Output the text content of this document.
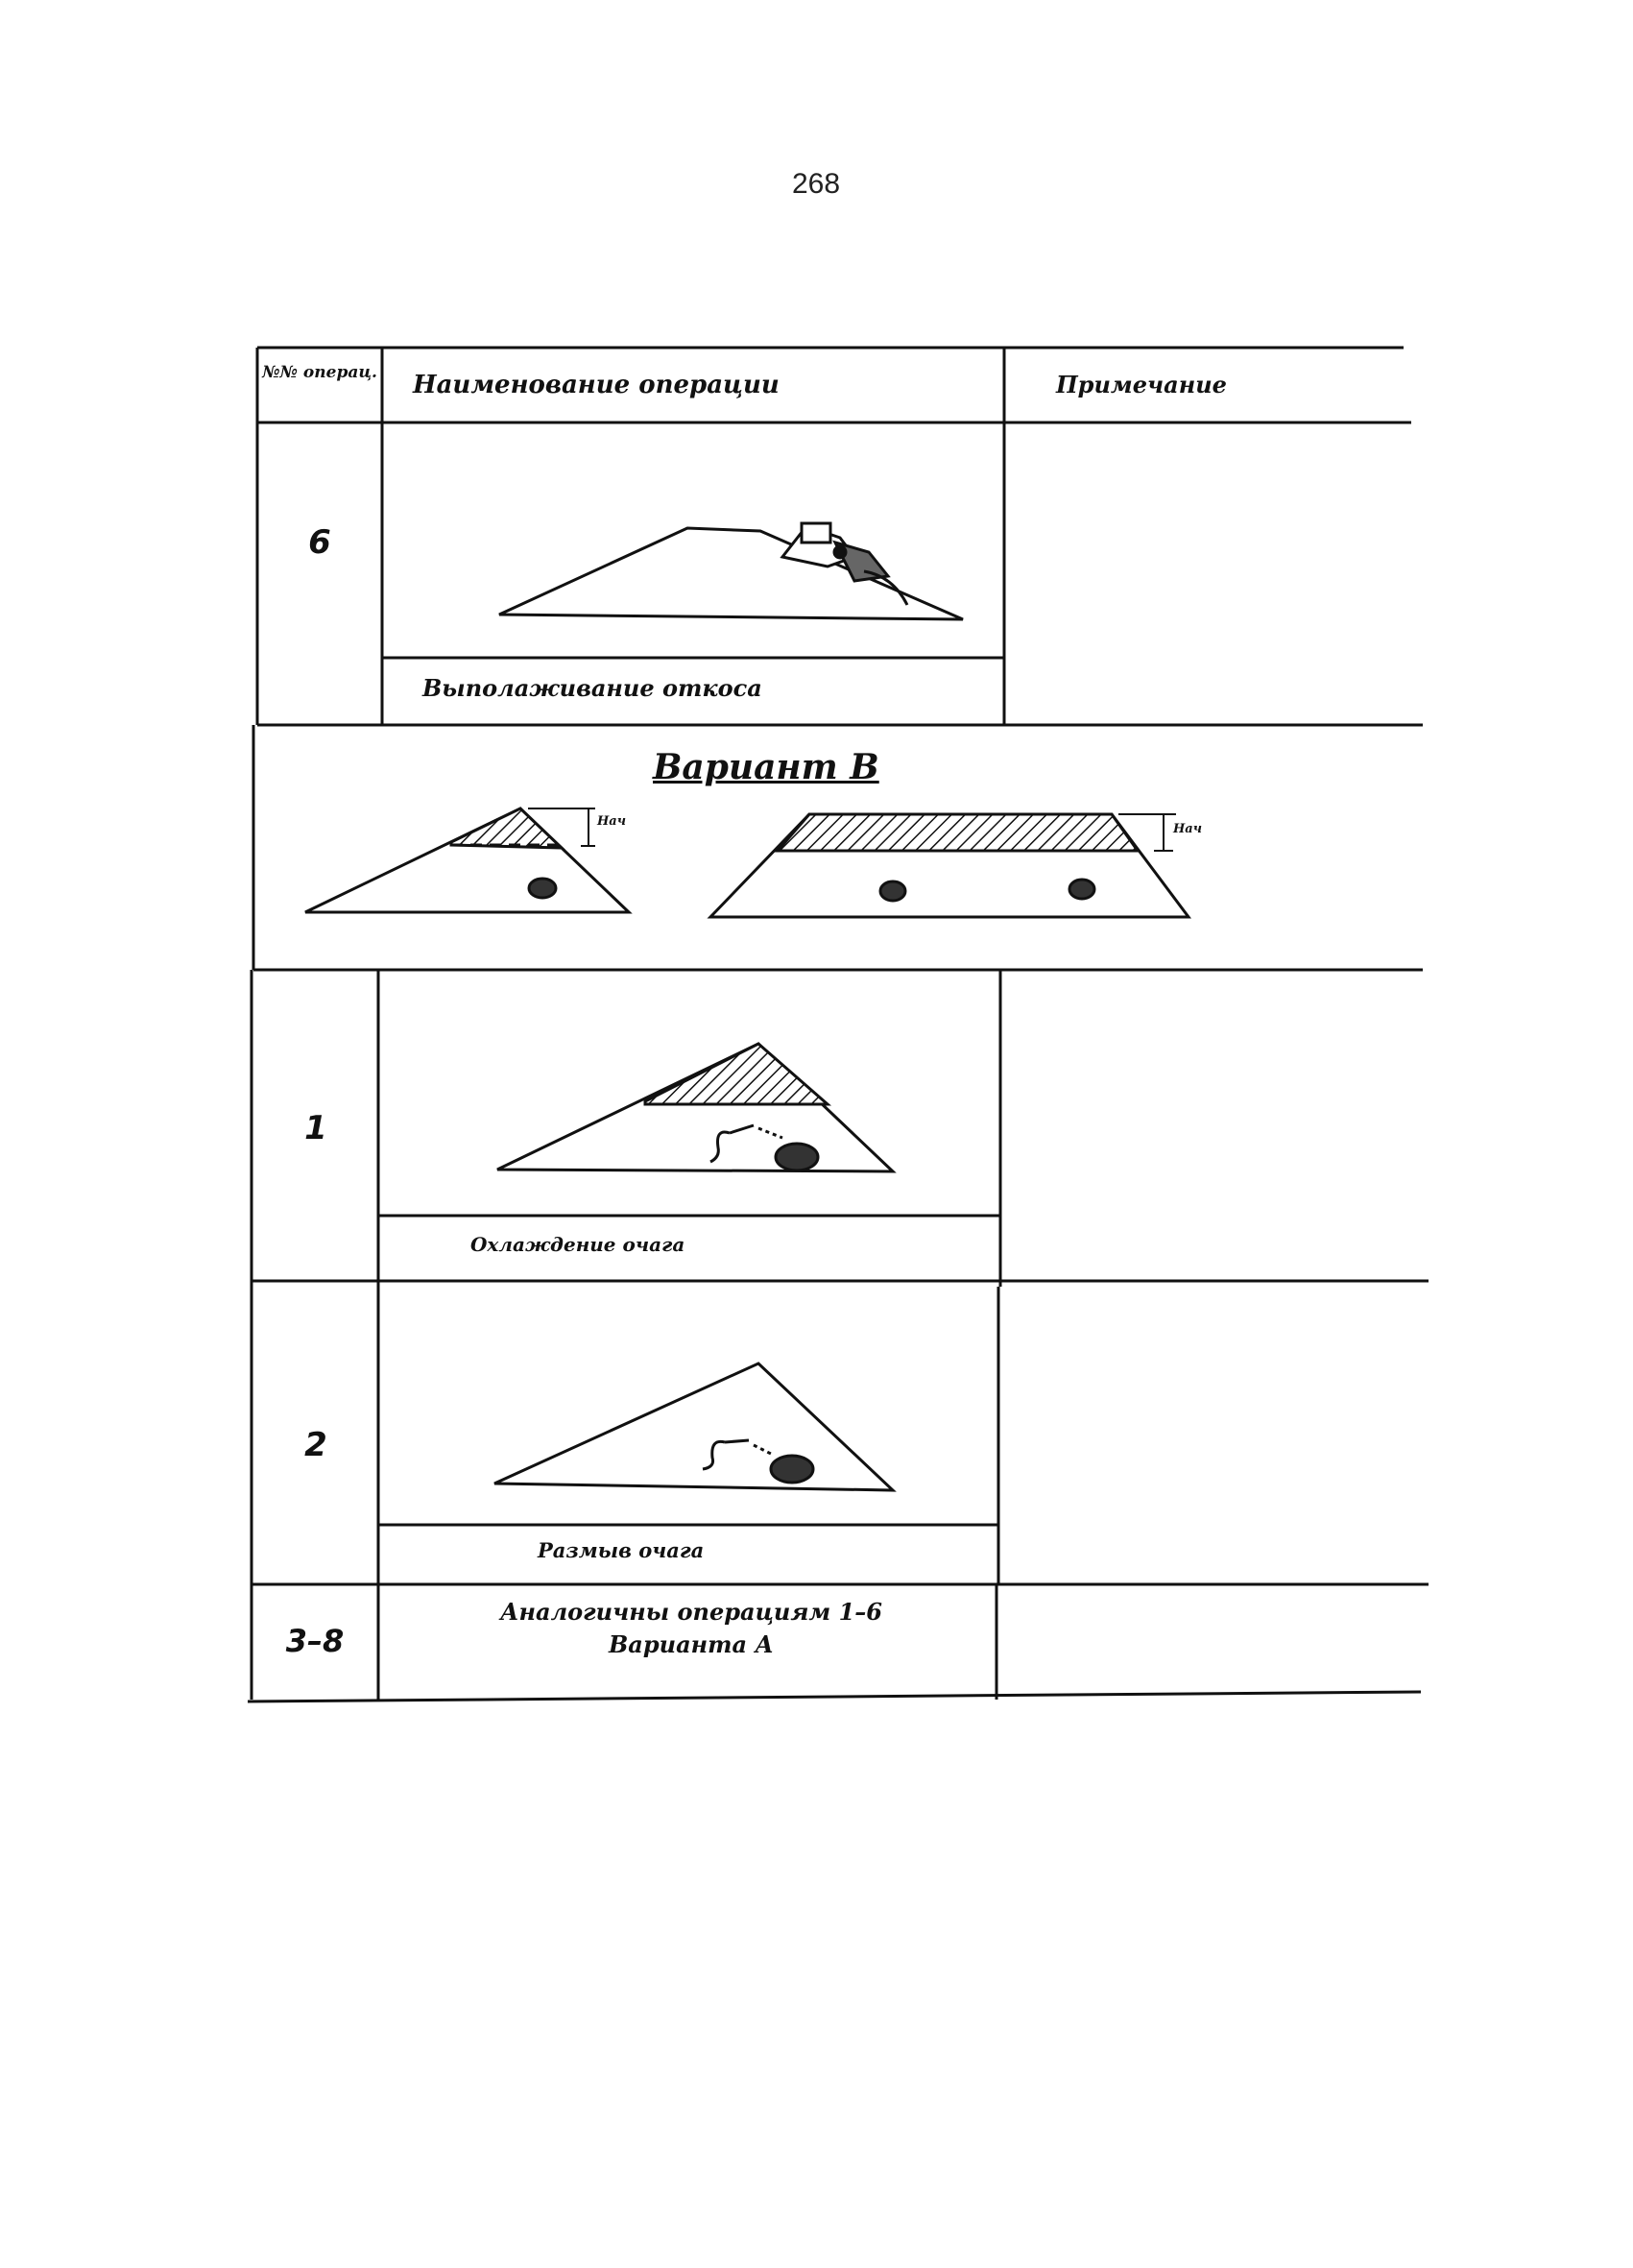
268
№№ операц.	Наименование операции	Примечание
6
Выполаживание откоса
Вариант В
Нач
Нач
1
Охлаждение очага
2
Размыв очага
3–8
Аналогичны операциям 1–6
Варианта А
